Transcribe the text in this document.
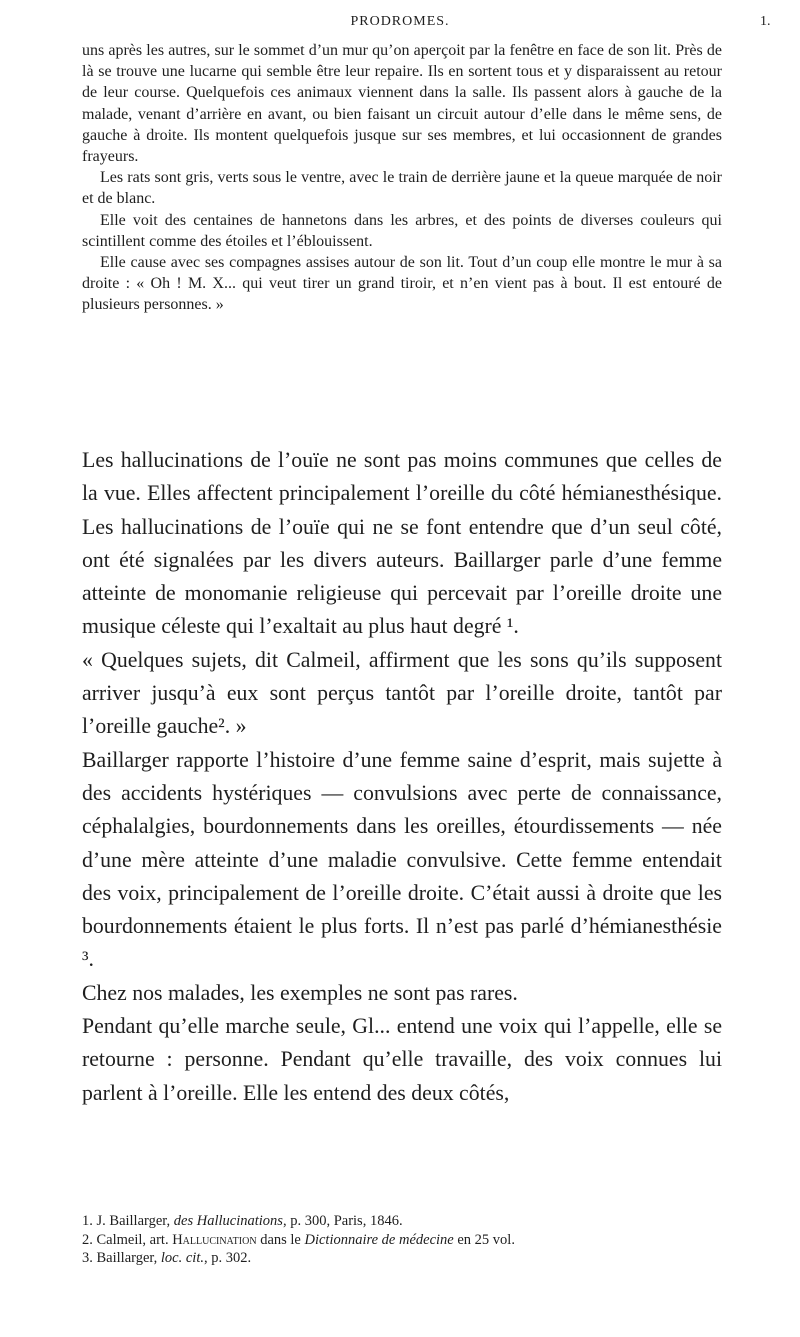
PRODROMES.	1.

uns après les autres, sur le sommet d’un mur qu’on aperçoit par la fenêtre en face de son lit. Près de là se trouve une lucarne qui semble être leur repaire. Ils en sortent tous et y disparaissent au retour de leur course. Quelquefois ces animaux viennent dans la salle. Ils passent alors à gauche de la malade, venant d’arrière en avant, ou bien faisant un circuit autour d’elle dans le même sens, de gauche à droite. Ils montent quelquefois jusque sur ses membres, et lui occasionnent de grandes frayeurs.

Les rats sont gris, verts sous le ventre, avec le train de derrière jaune et la queue marquée de noir et de blanc.

Elle voit des centaines de hannetons dans les arbres, et des points de diverses couleurs qui scintillent comme des étoiles et l’éblouissent.

Elle cause avec ses compagnes assises autour de son lit. Tout d’un coup elle montre le mur à sa droite : « Oh ! M. X... qui veut tirer un grand tiroir, et n’en vient pas à bout. Il est entouré de plusieurs personnes. »

Les hallucinations de l’ouïe ne sont pas moins communes que celles de la vue. Elles affectent principalement l’oreille du côté hémianesthésique. Les hallucinations de l’ouïe qui ne se font entendre que d’un seul côté, ont été signalées par les divers auteurs. Baillarger parle d’une femme atteinte de monomanie religieuse qui percevait par l’oreille droite une musique céleste qui l’exaltait au plus haut degré ¹.

« Quelques sujets, dit Calmeil, affirment que les sons qu’ils supposent arriver jusqu’à eux sont perçus tantôt par l’oreille droite, tantôt par l’oreille gauche². »

Baillarger rapporte l’histoire d’une femme saine d’esprit, mais sujette à des accidents hystériques — convulsions avec perte de connaissance, céphalalgies, bourdonnements dans les oreilles, étourdissements — née d’une mère atteinte d’une maladie convulsive. Cette femme entendait des voix, principalement de l’oreille droite. C’était aussi à droite que les bourdonnements étaient le plus forts. Il n’est pas parlé d’hémianesthésie ³.

Chez nos malades, les exemples ne sont pas rares.

Pendant qu’elle marche seule, Gl... entend une voix qui l’appelle, elle se retourne : personne. Pendant qu’elle travaille, des voix connues lui parlent à l’oreille. Elle les entend des deux côtés,

1. J. Baillarger, des Hallucinations, p. 300, Paris, 1846.
2. Calmeil, art. Hallucination dans le Dictionnaire de médecine en 25 vol.
3. Baillarger, loc. cit., p. 302.
